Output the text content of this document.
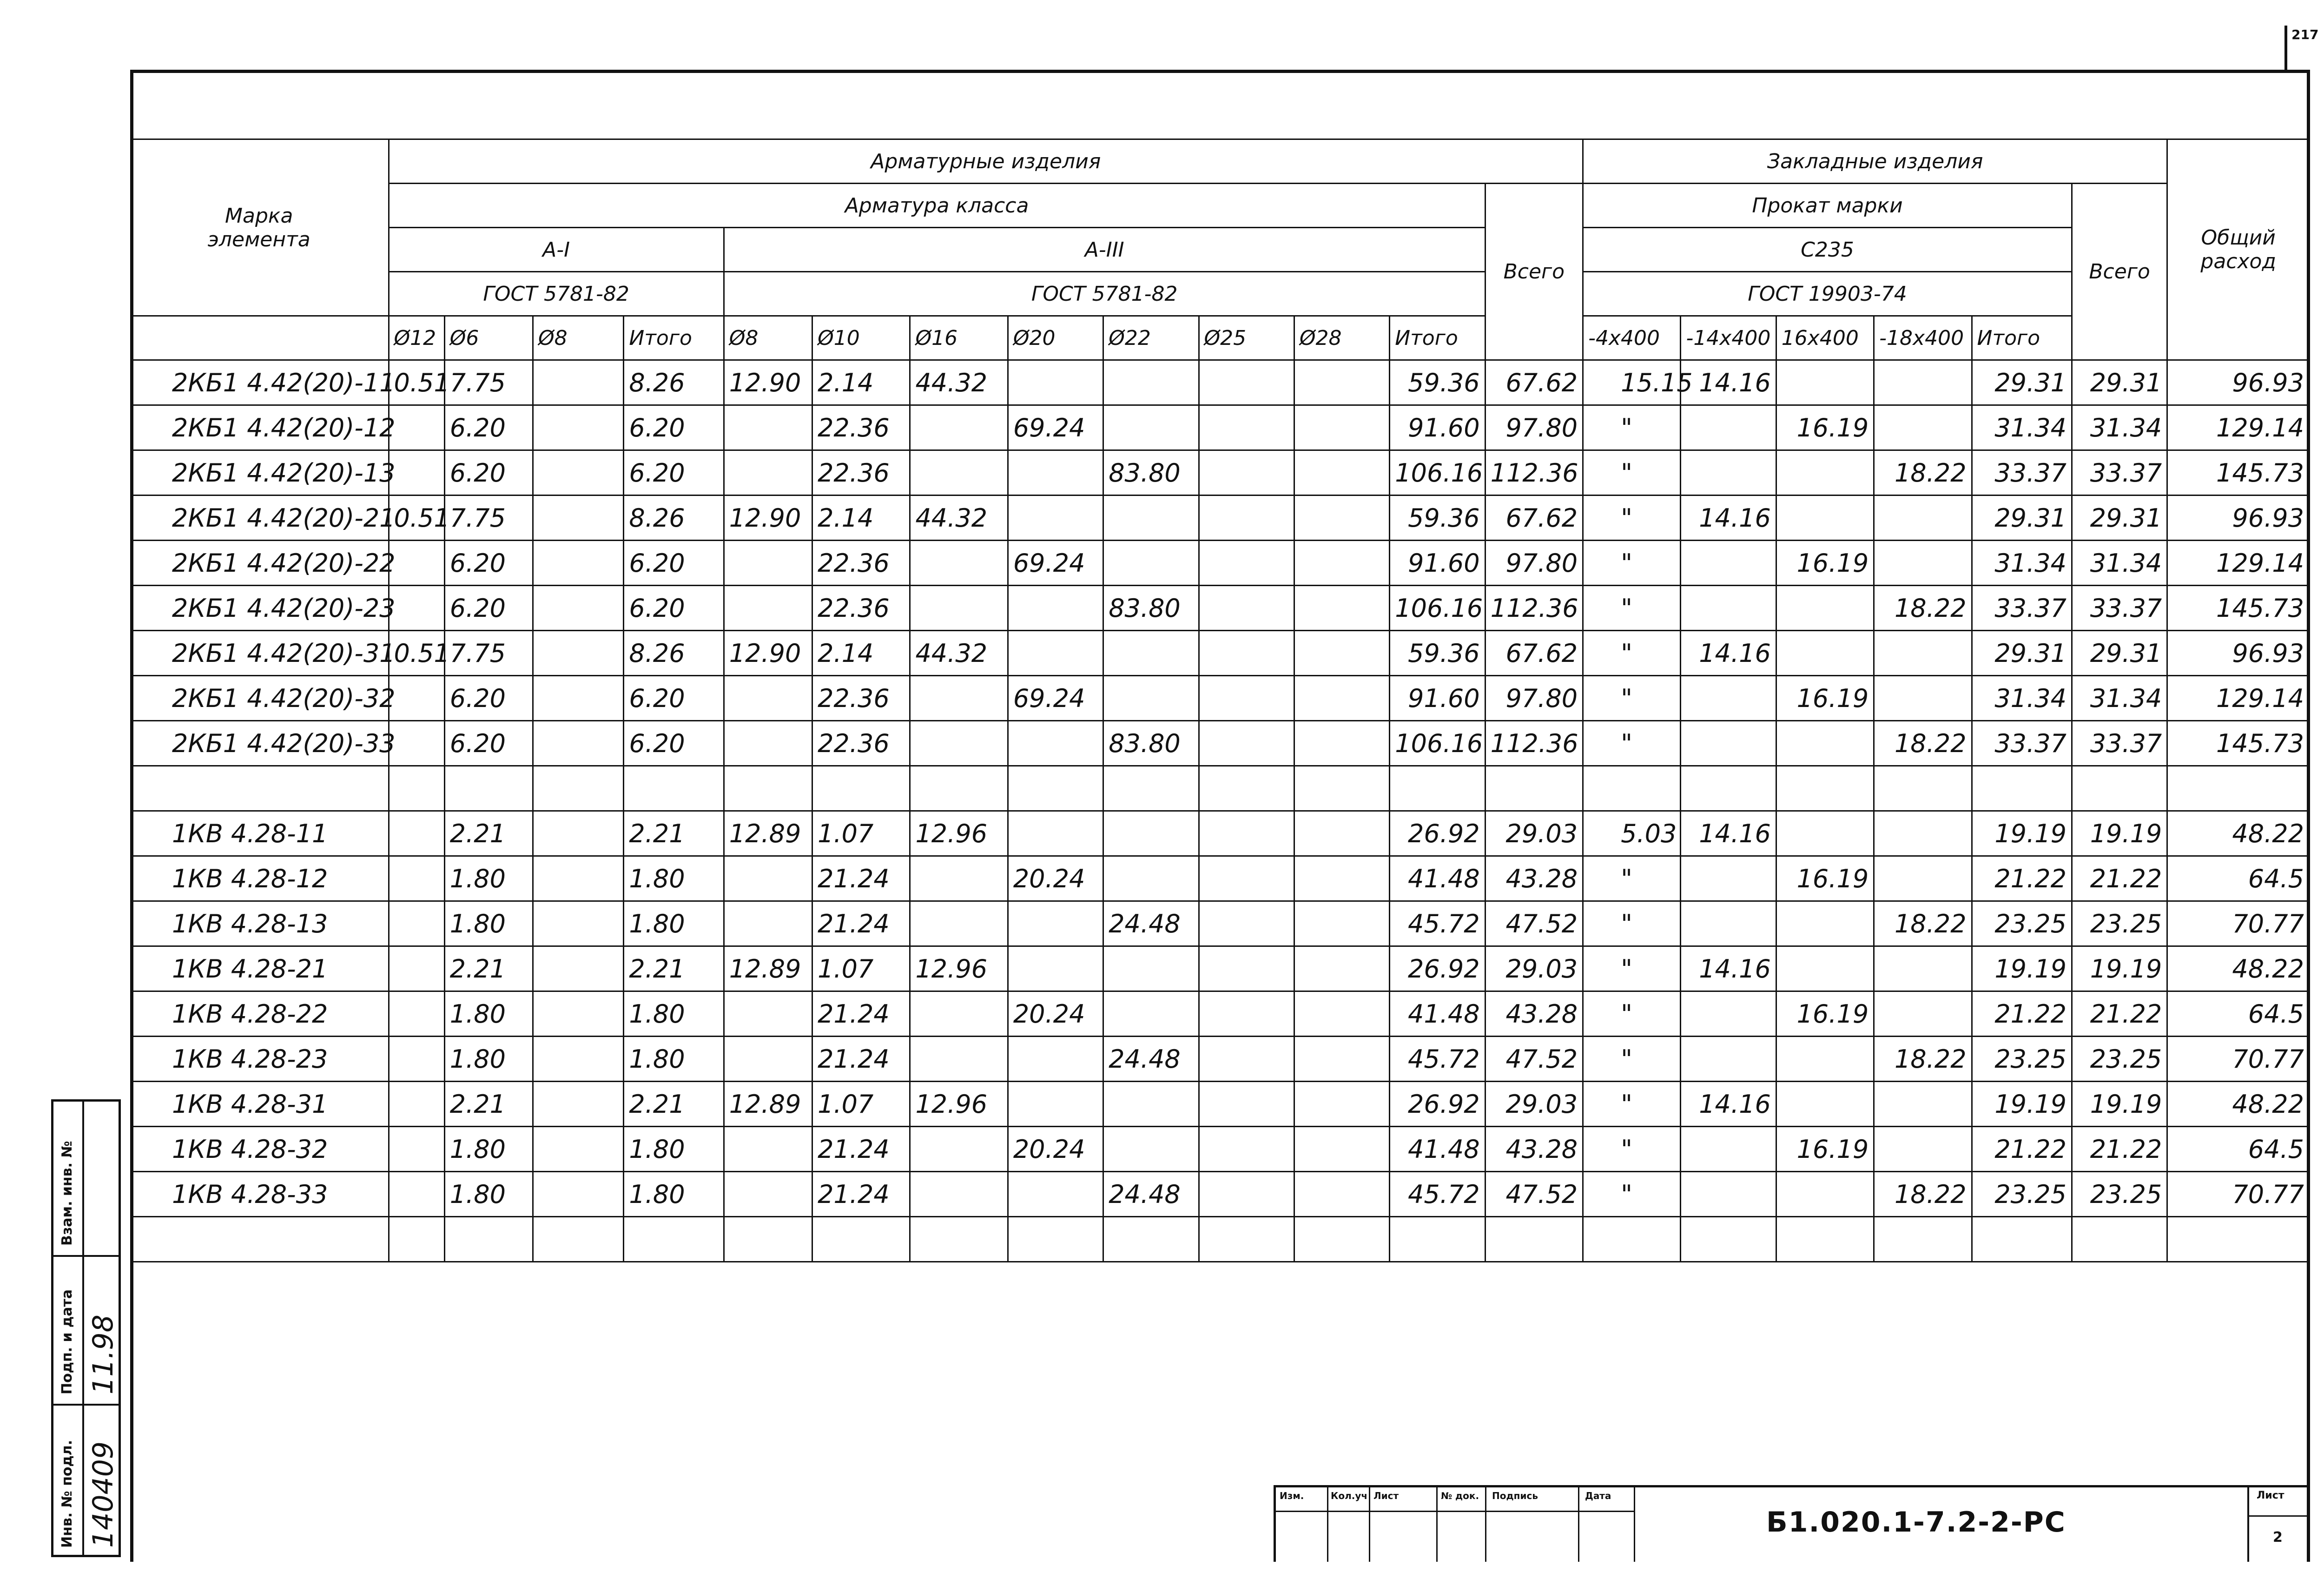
217
Марка
элемента	Арматурные изделия													Закладные изделия						Общий
расход
	Арматура класса												Всего	Прокат марки					Всего	
	А-I				А-III									С235						
	ГОСТ 5781-82				ГОСТ 5781-82									ГОСТ 19903-74						
	Ø12	Ø6	Ø8	Итого	Ø8	Ø10	Ø16	Ø20	Ø22	Ø25	Ø28	Итого		-4x400	-14x400	16x400	-18x400	Итого		
2КБ1 4.42(20)-11	0.51	7.75		8.26	12.90	2.14	44.32					59.36	67.62	15.15	14.16			29.31	29.31	96.93
2КБ1 4.42(20)-12		6.20		6.20		22.36		69.24				91.60	97.80	"		16.19		31.34	31.34	129.14
2КБ1 4.42(20)-13		6.20		6.20		22.36			83.80			106.16	112.36	"			18.22	33.37	33.37	145.73
2КБ1 4.42(20)-21	0.51	7.75		8.26	12.90	2.14	44.32					59.36	67.62	"	14.16			29.31	29.31	96.93
2КБ1 4.42(20)-22		6.20		6.20		22.36		69.24				91.60	97.80	"		16.19		31.34	31.34	129.14
2КБ1 4.42(20)-23		6.20		6.20		22.36			83.80			106.16	112.36	"			18.22	33.37	33.37	145.73
2КБ1 4.42(20)-31	0.51	7.75		8.26	12.90	2.14	44.32					59.36	67.62	"	14.16			29.31	29.31	96.93
2КБ1 4.42(20)-32		6.20		6.20		22.36		69.24				91.60	97.80	"		16.19		31.34	31.34	129.14
2КБ1 4.42(20)-33		6.20		6.20		22.36			83.80			106.16	112.36	"			18.22	33.37	33.37	145.73

1КВ 4.28-11		2.21		2.21	12.89	1.07	12.96					26.92	29.03	5.03	14.16			19.19	19.19	48.22
1КВ 4.28-12		1.80		1.80		21.24		20.24				41.48	43.28	"		16.19		21.22	21.22	64.5
1КВ 4.28-13		1.80		1.80		21.24			24.48			45.72	47.52	"			18.22	23.25	23.25	70.77
1КВ 4.28-21		2.21		2.21	12.89	1.07	12.96					26.92	29.03	"	14.16			19.19	19.19	48.22
1КВ 4.28-22		1.80		1.80		21.24		20.24				41.48	43.28	"		16.19		21.22	21.22	64.5
1КВ 4.28-23		1.80		1.80		21.24			24.48			45.72	47.52	"			18.22	23.25	23.25	70.77
1КВ 4.28-31		2.21		2.21	12.89	1.07	12.96					26.92	29.03	"	14.16			19.19	19.19	48.22
1КВ 4.28-32		1.80		1.80		21.24		20.24				41.48	43.28	"		16.19		21.22	21.22	64.5
1КВ 4.28-33		1.80		1.80		21.24			24.48			45.72	47.52	"			18.22	23.25	23.25	70.77

Инв. № подл. 140409
Подп. и дата 11.98
Взам. инв. №
Изм.	Кол.уч Лист	№ док. Подпись	Дата
Б1.020.1-7.2-2-РС
Лист
2
